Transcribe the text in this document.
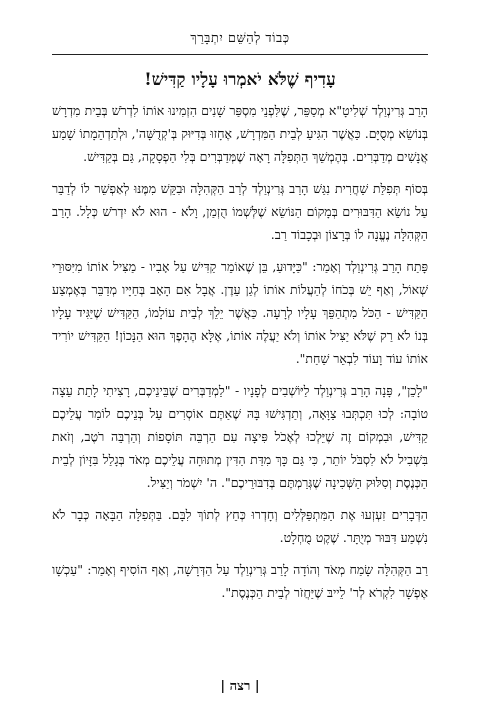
כְּבוֹד לְהַשֵּׁם יִתְבָּרַךְ
עָדִיף שֶׁלֹּא יֹאמְרוּ עָלָיו קַדִּישׁ!

הָרַב גְּרִינְוַלְד שְׁלִיטָ"א מְסַפֵּר, שֶׁלִּפְנֵי מִסְפַּר שָׁנִים הִזְמִינוּ אוֹתוֹ לִדְרֹשׁ בְּבֵית מִדְרָשׁ בְּנוֹשֵׂא מְסֻיָּם. כַּאֲשֶׁר הִגִּיעַ לְבֵית הַמִּדְרָשׁ, אֶחָזוּ בְּדִיּוּק בְּ'קְדֻשָּׁה', וּלְתַדְהֵמָתוֹ שָׁמַע אֲנָשִׁים מְדַבְּרִים. בְּהֶמְשֵׁךְ הַתְּפִלָּה רָאָה שֶׁמְּדַבְּרִים בְּלִי הַפְסָקָה, גַּם בְּקַדִּישׁ.

בְּסוֹף תְּפִלַּת שַׁחֲרִית נִגַּשׁ הָרַב גְּרִינְוַלְד לְרַב הַקְּהִלָּה וּבִקֵּשׁ מִמֶּנּוּ לְאַפְשֵׁר לוֹ לְדַבֵּר עַל נוֹשֵׂא הַדִּבּוּרִים בְּמָקוֹם הַנּוֹשֵׂא שֶׁלְּשְׁמוֹ הֻזְמַן, וָלֹא - הוּא לֹא יִדְרֹשׁ כְּלָל. הָרַב הַקְּהִלָּה נֶעֱנָה לוֹ בְּרָצוֹן וּבְכָבוֹד רַב.

פָּתַח הָרַב גְּרִינְוַלְד וְאָמַר: "כַּיָּדוּעַ, בֵּן שֶׁאוֹמֵר קַדִּישׁ עַל אָבִיו - מַצִּיל אוֹתוֹ מִיִּסּוּרֵי שְׁאוֹל, וְאַף יֵשׁ בְּכֹחוֹ לְהַעֲלוֹת אוֹתוֹ לְגַן עֵדֶן. אֲבָל אִם הָאָב בְּחַיָּיו מְדַבֵּר בְּאֶמְצַע הַקַּדִּישׁ - הַכֹּל מִתְהַפֵּךְ עָלָיו לְרָעָה. כַּאֲשֶׁר יֵלֵךְ לְבֵית עוֹלָמוֹ, הַקַּדִּישׁ שֶׁיַּגִּיד עָלָיו בְּנוֹ לֹא רַק שֶׁלֹּא יַצִּיל אוֹתוֹ וְלֹא יַעֲלֶה אוֹתוֹ, אֶלָּא הֶהָפֶךְ הוּא הַנָּכוֹן! הַקַּדִּישׁ יוֹרִיד אוֹתוֹ עוֹד וָעוֹד לִבְאֵר שַׁחַת".

"לָכֵן", פָּנָה הָרַב גְּרִינְוַלְד לַיּוֹשְׁבִים לְפָנָיו - "לַמְדַבְּרִים שֶׁבֵּינֵיכֶם, רָצִיתִי לָתֵת עֵצָה טוֹבָה: לְכוּ תִּכְתְּבוּ צַוָּאָה, וְתַדְגִּישׁוּ בָּהּ שֶׁאַתֶּם אוֹסְרִים עַל בְּנֵיכֶם לוֹמַר עֲלֵיכֶם קַדִּישׁ, וּבִמְקוֹם זֶה שֶׁיֵּלְכוּ לְאֶכֹל פִּיצָה עִם הַרְבֵּה תּוֹסָפוֹת וְהַרְבֵּה רֹטֶב, וְזֹאת בִּשְׁבִיל לֹא לִסְבֹּל יוֹתֵר, כִּי גַּם כָּךְ מִדַּת הַדִּין מְתוּחָה עֲלֵיכֶם מְאֹד בְּגָלַל בִּזָּיוֹן לְבֵית הַכְּנֶסֶת וְסִלּוּק הַשְּׁכִינָה שֶׁגְּרַמְתֶּם בְּדִבּוּרֵיכֶם". ה' יִשְׁמֹר וְיַצִּיל.

הַדְּבָרִים זִעְזְעוּ אֶת הַמִּתְפַּלְּלִים וְחָדְרוּ כְּחֵץ לְתוֹךְ לִבָּם. בַּתְּפִלָּה הַבָּאָה כְּבָר לֹא נִשְׁמַע דִּבּוּר מְיֻתָּר. שֶׁקֶט מֻחְלָט.

רַב הַקְּהִלָּה שָׂמַח מְאֹד וְהוֹדָה לָרַב גְּרִינְוַלְד עַל הַדְּרָשָׁה, וְאַף הוֹסִיף וְאָמַר: "עַכְשָׁו אֶפְשָׁר לִקְרֹא לְר' לֵייבּ שֶׁיַּחֲזֹר לְבֵית הַכְּנֶסֶת".

| רצה |
